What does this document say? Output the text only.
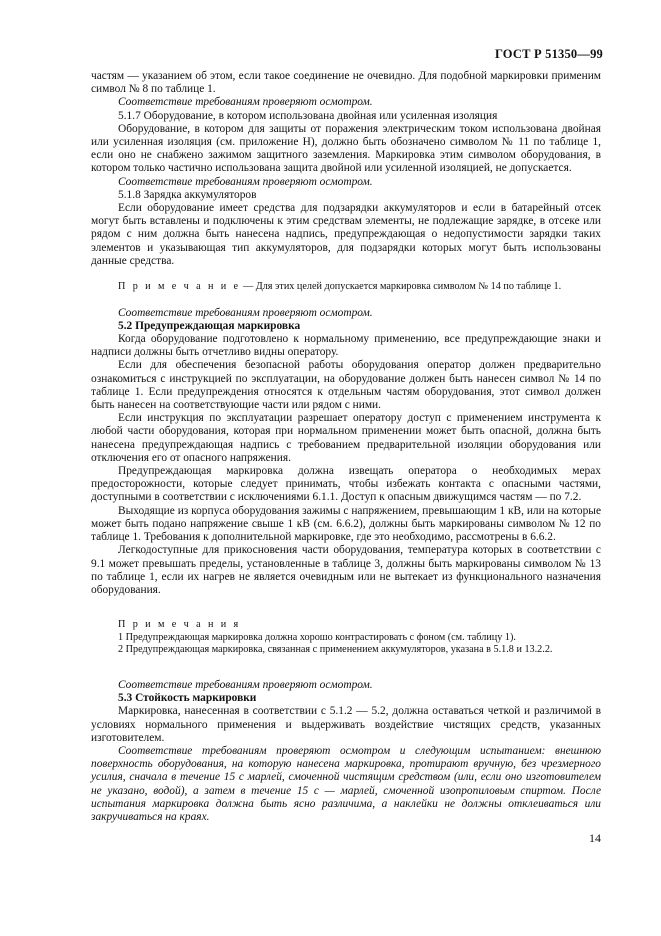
ГОСТ Р 51350—99

частям — указанием об этом, если такое соединение не очевидно. Для подобной маркировки применим символ № 8 по таблице 1.

Соответствие требованиям проверяют осмотром.

5.1.7 Оборудование, в котором использована двойная или усиленная изоляция

Оборудование, в котором для защиты от поражения электрическим током использована двойная или усиленная изоляция (см. приложение Н), должно быть обозначено символом № 11 по таблице 1, если оно не снабжено зажимом защитного заземления. Маркировка этим символом оборудования, в котором только частично использована защита двойной или усиленной изоляцией, не допускается.

Соответствие требованиям проверяют осмотром.

5.1.8 Зарядка аккумуляторов

Если оборудование имеет средства для подзарядки аккумуляторов и если в батарейный отсек могут быть вставлены и подключены к этим средствам элементы, не подлежащие зарядке, в отсеке или рядом с ним должна быть нанесена надпись, предупреждающая о недопустимости зарядки таких элементов и указывающая тип аккумуляторов, для подзарядки которых могут быть использованы данные средства.

П р и м е ч а н и е — Для этих целей допускается маркировка символом № 14 по таблице 1.

Соответствие требованиям проверяют осмотром.

5.2 Предупреждающая маркировка

Когда оборудование подготовлено к нормальному применению, все предупреждающие знаки и надписи должны быть отчетливо видны оператору.

Если для обеспечения безопасной работы оборудования оператор должен предварительно ознакомиться с инструкцией по эксплуатации, на оборудование должен быть нанесен символ № 14 по таблице 1. Если предупреждения относятся к отдельным частям оборудования, этот символ должен быть нанесен на соответствующие части или рядом с ними.

Если инструкция по эксплуатации разрешает оператору доступ с применением инструмента к любой части оборудования, которая при нормальном применении может быть опасной, должна быть нанесена предупреждающая надпись с требованием предварительной изоляции оборудования или отключения его от опасного напряжения.

Предупреждающая маркировка должна извещать оператора о необходимых мерах предосторожности, которые следует принимать, чтобы избежать контакта с опасными частями, доступными в соответствии с исключениями 6.1.1. Доступ к опасным движущимся частям — по 7.2.

Выходящие из корпуса оборудования зажимы с напряжением, превышающим 1 кВ, или на которые может быть подано напряжение свыше 1 кВ (см. 6.6.2), должны быть маркированы символом № 12 по таблице 1. Требования к дополнительной маркировке, где это необходимо, рассмотрены в 6.6.2.

Легкодоступные для прикосновения части оборудования, температура которых в соответствии с 9.1 может превышать пределы, установленные в таблице 3, должны быть маркированы символом № 13 по таблице 1, если их нагрев не является очевидным или не вытекает из функционального назначения оборудования.

П р и м е ч а н и я

1 Предупреждающая маркировка должна хорошо контрастировать с фоном (см. таблицу 1).

2 Предупреждающая маркировка, связанная с применением аккумуляторов, указана в 5.1.8 и 13.2.2.

Соответствие требованиям проверяют осмотром.

5.3 Стойкость маркировки

Маркировка, нанесенная в соответствии с 5.1.2 — 5.2, должна оставаться четкой и различимой в условиях нормального применения и выдерживать воздействие чистящих средств, указанных изготовителем.

Соответствие требованиям проверяют осмотром и следующим испытанием: внешнюю поверхность оборудования, на которую нанесена маркировка, протирают вручную, без чрезмерного усилия, сначала в течение 15 с марлей, смоченной чистящим средством (или, если оно изготовителем не указано, водой), а затем в течение 15 с — марлей, смоченной изопропиловым спиртом. После испытания маркировка должна быть ясно различима, а наклейки не должны отклеиваться или закручиваться на краях.

14
